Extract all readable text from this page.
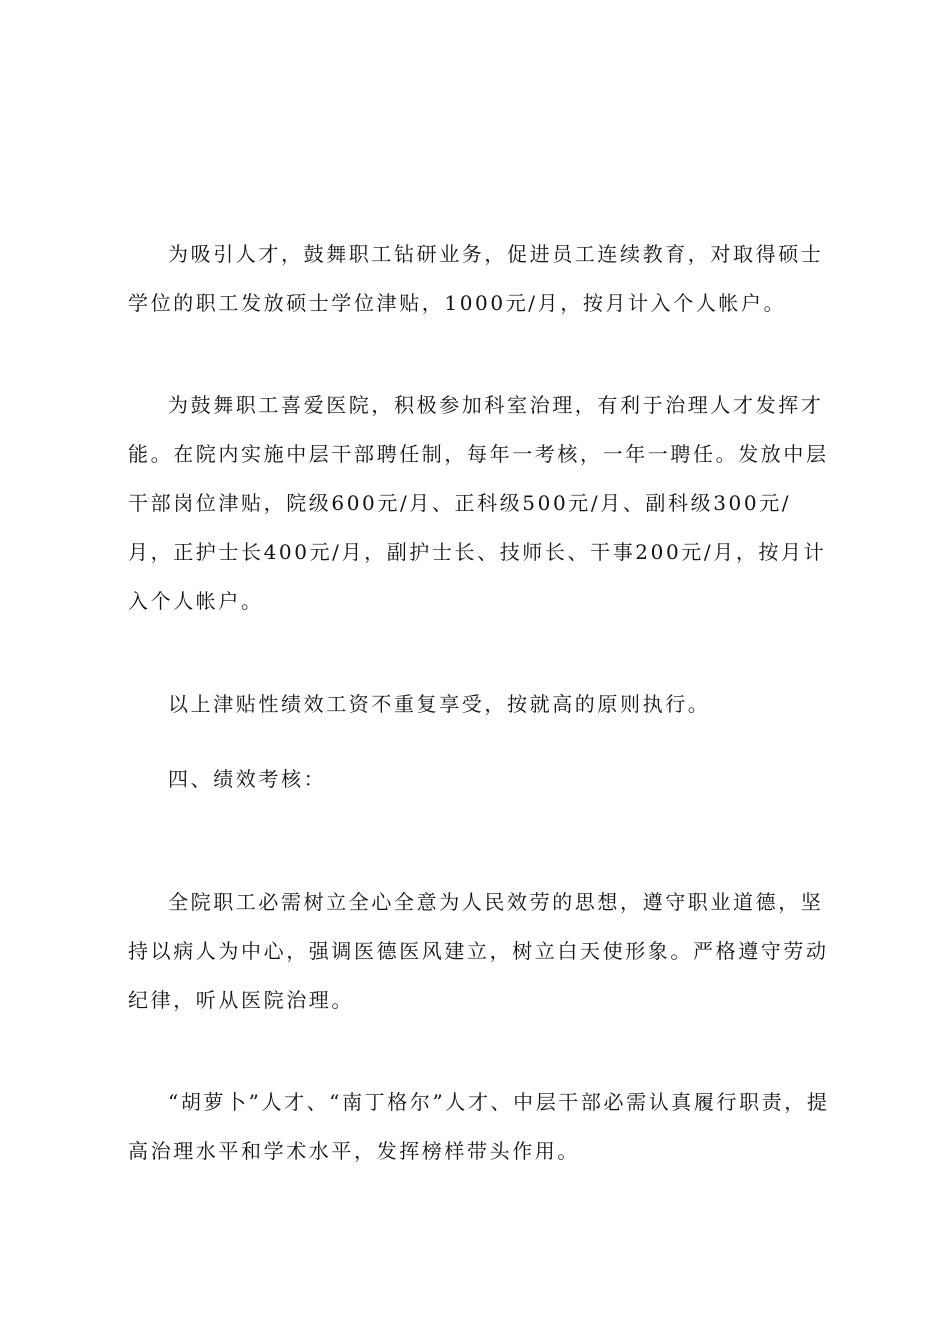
为吸引人才，鼓舞职工钻研业务，促进员工连续教育，对取得硕士学位的职工发放硕士学位津贴，1000元/月，按月计入个人帐户。

为鼓舞职工喜爱医院，积极参加科室治理，有利于治理人才发挥才能。在院内实施中层干部聘任制，每年一考核，一年一聘任。发放中层干部岗位津贴，院级600元/月、正科级500元/月、副科级300元/月，正护士长400元/月，副护士长、技师长、干事200元/月，按月计入个人帐户。

以上津贴性绩效工资不重复享受，按就高的原则执行。

四、绩效考核：

全院职工必需树立全心全意为人民效劳的思想，遵守职业道德，坚持以病人为中心，强调医德医风建立，树立白天使形象。严格遵守劳动纪律，听从医院治理。

“胡萝卜”人才、“南丁格尔”人才、中层干部必需认真履行职责，提高治理水平和学术水平，发挥榜样带头作用。
